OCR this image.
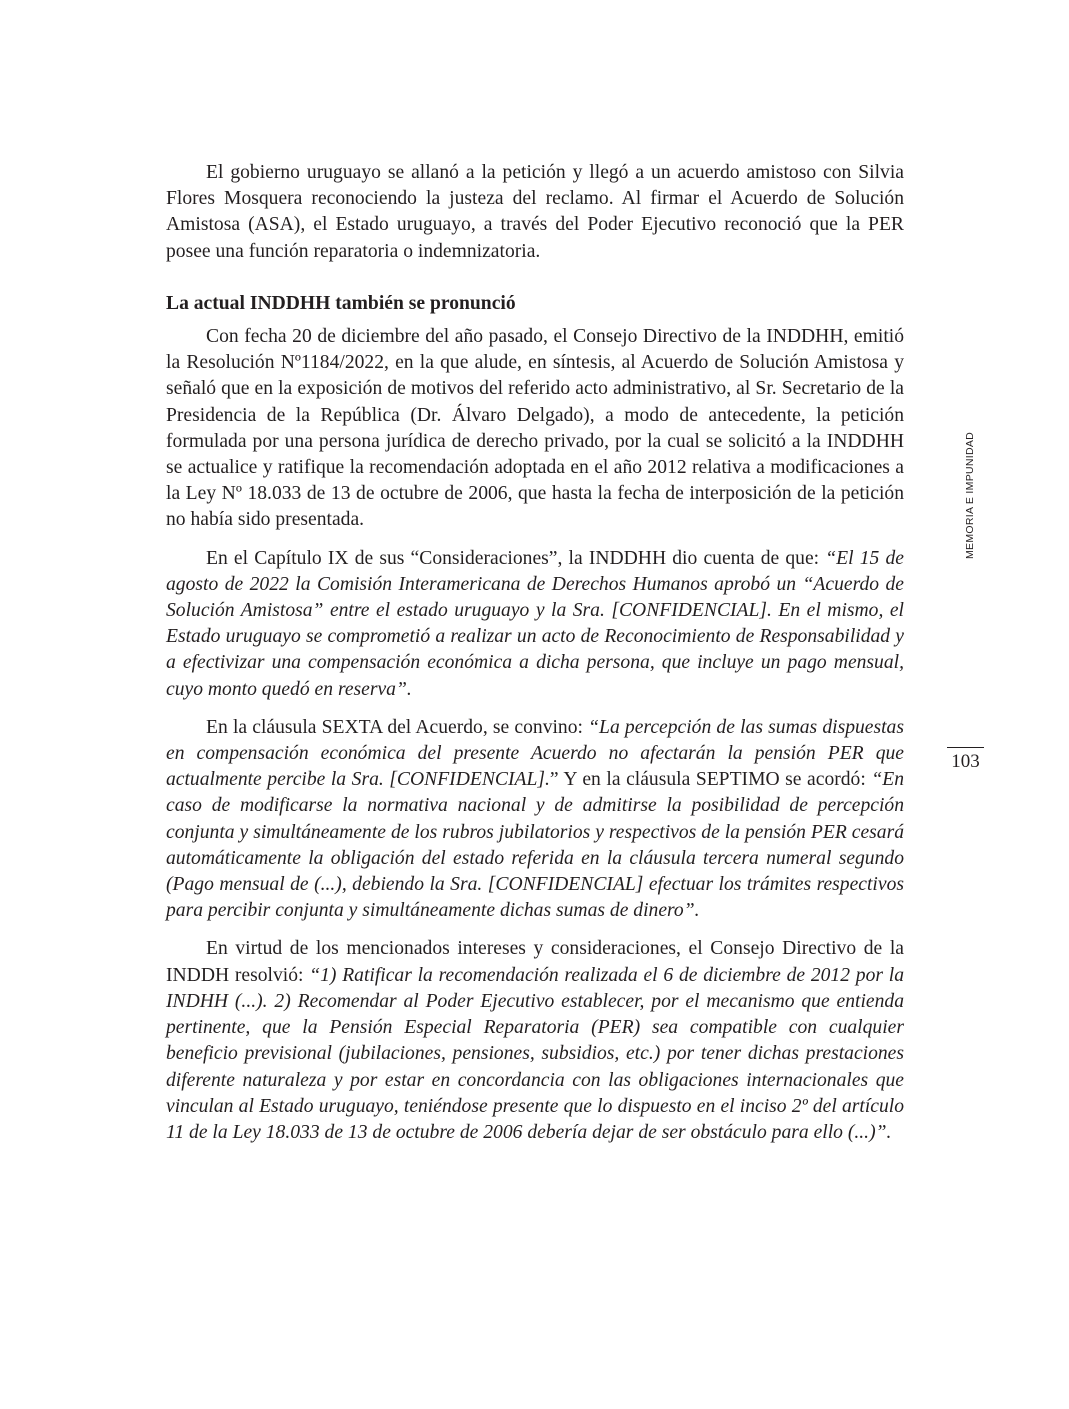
El gobierno uruguayo se allanó a la petición y llegó a un acuerdo amistoso con Silvia Flores Mosquera reconociendo la justeza del reclamo. Al firmar el Acuerdo de Solución Amistosa (ASA), el Estado uruguayo, a través del Poder Ejecutivo reconoció que la PER posee una función reparatoria o indemnizatoria.

La actual INDDHH también se pronunció

Con fecha 20 de diciembre del año pasado, el Consejo Directivo de la INDDHH, emitió la Resolución Nº1184/2022, en la que alude, en síntesis, al Acuerdo de Solución Amistosa y señaló que en la exposición de motivos del referido acto administrativo, al Sr. Secretario de la Presidencia de la República (Dr. Álvaro Delgado), a modo de antecedente, la petición formulada por una persona jurídica de derecho privado, por la cual se solicitó a la INDDHH se actualice y ratifique la recomendación adoptada en el año 2012 relativa a modificaciones a la Ley Nº 18.033 de 13 de octubre de 2006, que hasta la fecha de interposición de la petición no había sido presentada.

En el Capítulo IX de sus “Consideraciones”, la INDDHH dio cuenta de que: “El 15 de agosto de 2022 la Comisión Interamericana de Derechos Humanos aprobó un “Acuerdo de Solución Amistosa” entre el estado uruguayo y la Sra. [CONFIDENCIAL]. En el mismo, el Estado uruguayo se comprometió a realizar un acto de Reconocimiento de Responsabilidad y a efectivizar una compensación económica a dicha persona, que incluye un pago mensual, cuyo monto quedó en reserva”.

En la cláusula SEXTA del Acuerdo, se convino: “La percepción de las sumas dispuestas en compensación económica del presente Acuerdo no afectarán la pensión PER que actualmente percibe la Sra. [CONFIDENCIAL].” Y en la cláusula SEPTIMO se acordó: “En caso de modificarse la normativa nacional y de admitirse la posibilidad de percepción conjunta y simultáneamente de los rubros jubilatorios y respectivos de la pensión PER cesará automáticamente la obligación del estado referida en la cláusula tercera numeral segundo (Pago mensual de (...), debiendo la Sra. [CONFIDENCIAL] efectuar los trámites respectivos para percibir conjunta y simultáneamente dichas sumas de dinero”.

En virtud de los mencionados intereses y consideraciones, el Consejo Directivo de la INDDH resolvió: “1) Ratificar la recomendación realizada el 6 de diciembre de 2012 por la INDHH (...). 2) Recomendar al Poder Ejecutivo establecer, por el mecanismo que entienda pertinente, que la Pensión Especial Reparatoria (PER) sea compatible con cualquier beneficio previsional (jubilaciones, pensiones, subsidios, etc.) por tener dichas prestaciones diferente naturaleza y por estar en concordancia con las obligaciones internacionales que vinculan al Estado uruguayo, teniéndose presente que lo dispuesto en el inciso 2º del artículo 11 de la Ley 18.033 de 13 de octubre de 2006 debería dejar de ser obstáculo para ello (...)”.

MEMORIA E IMPUNIDAD
103
